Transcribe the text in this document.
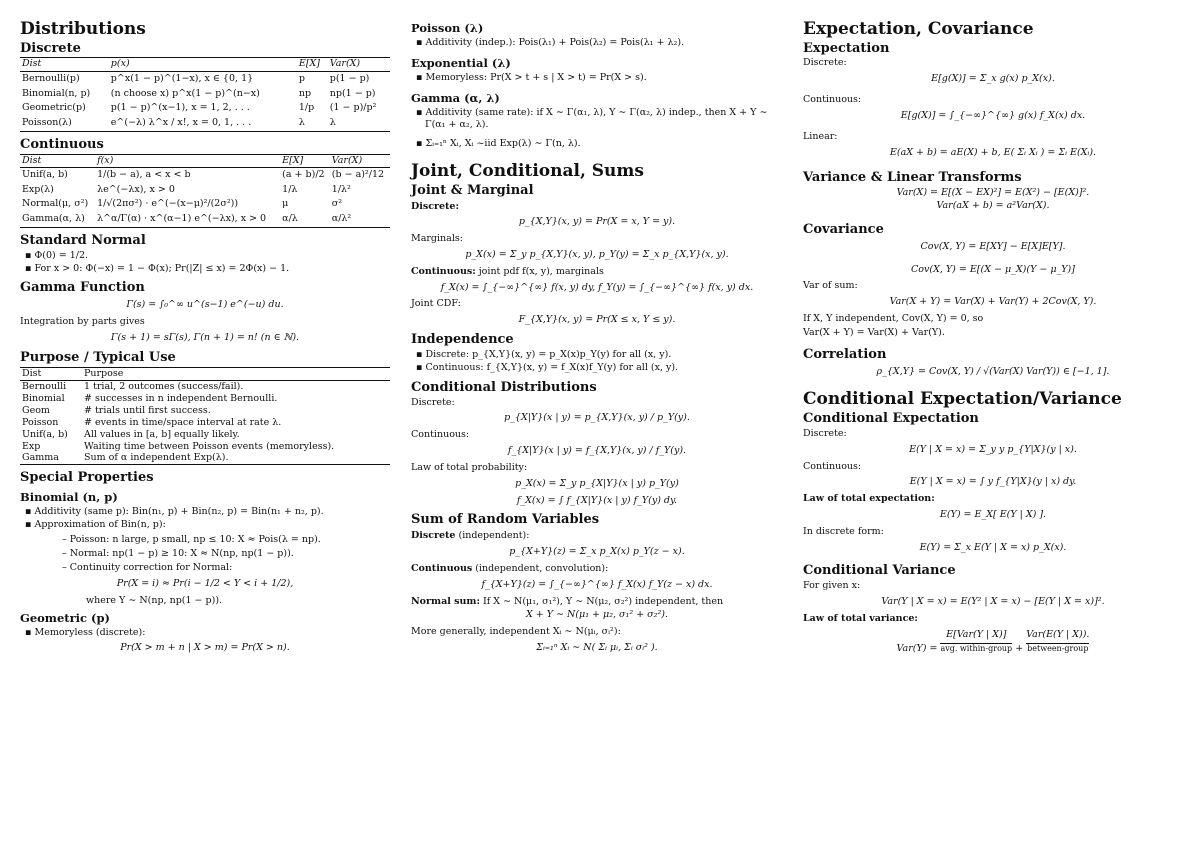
Distributions
Discrete
Dist	p(x)	E[X]	Var(X)
Bernoulli(p)	p^x(1 − p)^(1−x), x ∈ {0, 1}	p	p(1 − p)
Binomial(n, p)	(n choose x) p^x(1 − p)^(n−x)	np	np(1 − p)
Geometric(p)	p(1 − p)^(x−1), x = 1, 2, . . .	1/p	(1 − p)/p²
Poisson(λ)	e^(−λ) λ^x / x!, x = 0, 1, . . .	λ	λ
Continuous
Dist	f(x)	E[X]	Var(X)
Unif(a, b)	1/(b − a), a < x < b	(a + b)/2	(b − a)²/12
Exp(λ)	λe^(−λx), x > 0	1/λ	1/λ²
Normal(μ, σ²)	1/√(2πσ²) · e^(−(x−μ)²/(2σ²))	μ	σ²
Gamma(α, λ)	λ^α/Γ(α) · x^(α−1) e^(−λx), x > 0	α/λ	α/λ²
Standard Normal
▪ Φ(0) = 1/2.
▪ For x > 0: Φ(−x) = 1 − Φ(x); Pr(|Z| ≤ x) = 2Φ(x) − 1.
Gamma Function
Γ(s) = ∫₀^∞ u^(s−1) e^(−u) du.
Integration by parts gives
Γ(s + 1) = sΓ(s), Γ(n + 1) = n! (n ∈ ℕ).
Purpose / Typical Use
Dist	Purpose
Bernoulli	1 trial, 2 outcomes (success/fail).
Binomial	# successes in n independent Bernoulli.
Geom	# trials until first success.
Poisson	# events in time/space interval at rate λ.
Unif(a, b)	All values in [a, b] equally likely.
Exp	Waiting time between Poisson events (memoryless).
Gamma	Sum of α independent Exp(λ).
Special Properties
Binomial (n, p)
▪ Additivity (same p): Bin(n₁, p) + Bin(n₂, p) = Bin(n₁ + n₂, p).
▪ Approximation of Bin(n, p):
– Poisson: n large, p small, np ≤ 10: X ≈ Pois(λ = np).
– Normal: np(1 − p) ≥ 10: X ≈ N(np, np(1 − p)).
– Continuity correction for Normal:
Pr(X = i) ≈ Pr(i − 1/2 < Y < i + 1/2),
where Y ∼ N(np, np(1 − p)).
Geometric (p)
▪ Memoryless (discrete):
Pr(X > m + n | X > m) = Pr(X > n).
Poisson (λ)
▪ Additivity (indep.): Pois(λ₁) + Pois(λ₂) = Pois(λ₁ + λ₂).
Exponential (λ)
▪ Memoryless: Pr(X > t + s | X > t) = Pr(X > s).
Gamma (α, λ)
▪ Additivity (same rate): if X ∼ Γ(α₁, λ), Y ∼ Γ(α₂, λ) indep., then X + Y ∼ Γ(α₁ + α₂, λ).
▪ Σᵢ₌₁ⁿ Xᵢ, Xᵢ ~iid Exp(λ) ∼ Γ(n, λ).
Joint, Conditional, Sums
Joint & Marginal
Discrete:
p_{X,Y}(x, y) = Pr(X = x, Y = y).
Marginals:
p_X(x) = Σ_y p_{X,Y}(x, y), p_Y(y) = Σ_x p_{X,Y}(x, y).
Continuous: joint pdf f(x, y), marginals
f_X(x) = ∫_{−∞}^{∞} f(x, y) dy, f_Y(y) = ∫_{−∞}^{∞} f(x, y) dx.
Joint CDF:
F_{X,Y}(x, y) = Pr(X ≤ x, Y ≤ y).
Independence
▪ Discrete: p_{X,Y}(x, y) = p_X(x)p_Y(y) for all (x, y).
▪ Continuous: f_{X,Y}(x, y) = f_X(x)f_Y(y) for all (x, y).
Conditional Distributions
Discrete:
p_{X|Y}(x | y) = p_{X,Y}(x, y) / p_Y(y).
Continuous:
f_{X|Y}(x | y) = f_{X,Y}(x, y) / f_Y(y).
Law of total probability:
p_X(x) = Σ_y p_{X|Y}(x | y) p_Y(y)
f_X(x) = ∫ f_{X|Y}(x | y) f_Y(y) dy.
Sum of Random Variables
Discrete (independent):
p_{X+Y}(z) = Σ_x p_X(x) p_Y(z − x).
Continuous (independent, convolution):
f_{X+Y}(z) = ∫_{−∞}^{∞} f_X(x) f_Y(z − x) dx.
Normal sum: If X ∼ N(μ₁, σ₁²), Y ∼ N(μ₂, σ₂²) independent, then
X + Y ∼ N(μ₁ + μ₂, σ₁² + σ₂²).
More generally, independent Xᵢ ∼ N(μᵢ, σᵢ²):
Σᵢ₌₁ⁿ Xᵢ ∼ N( Σᵢ μᵢ, Σᵢ σᵢ² ).
Expectation, Covariance
Expectation
Discrete:
E[g(X)] = Σ_x g(x) p_X(x).
Continuous:
E[g(X)] = ∫_{−∞}^{∞} g(x) f_X(x) dx.
Linear:
E(aX + b) = aE(X) + b, E( Σᵢ Xᵢ ) = Σᵢ E(Xᵢ).
Variance & Linear Transforms
Var(X) = E[(X − EX)²] = E(X²) − [E(X)]².
Var(aX + b) = a²Var(X).
Covariance
Cov(X, Y) = E[XY] − E[X]E[Y].
Cov(X, Y) = E[(X − μ_X)(Y − μ_Y)]
Var of sum:
Var(X + Y) = Var(X) + Var(Y) + 2Cov(X, Y).
If X, Y independent, Cov(X, Y) = 0, so
Var(X + Y) = Var(X) + Var(Y).
Correlation
ρ_{X,Y} = Cov(X, Y) / √(Var(X) Var(Y)) ∈ [−1, 1].
Conditional Expectation/Variance
Conditional Expectation
Discrete:
E(Y | X = x) = Σ_y y p_{Y|X}(y | x).
Continuous:
E(Y | X = x) = ∫ y f_{Y|X}(y | x) dy.
Law of total expectation:
E(Y) = E_X[ E(Y | X) ].
In discrete form:
E(Y) = Σ_x E(Y | X = x) p_X(x).
Conditional Variance
For given x:
Var(Y | X = x) = E(Y² | X = x) − [E(Y | X = x)]².
Law of total variance:
Var(Y) = E[Var(Y | X)]
avg. within-group + Var(E(Y | X)).
between-group
